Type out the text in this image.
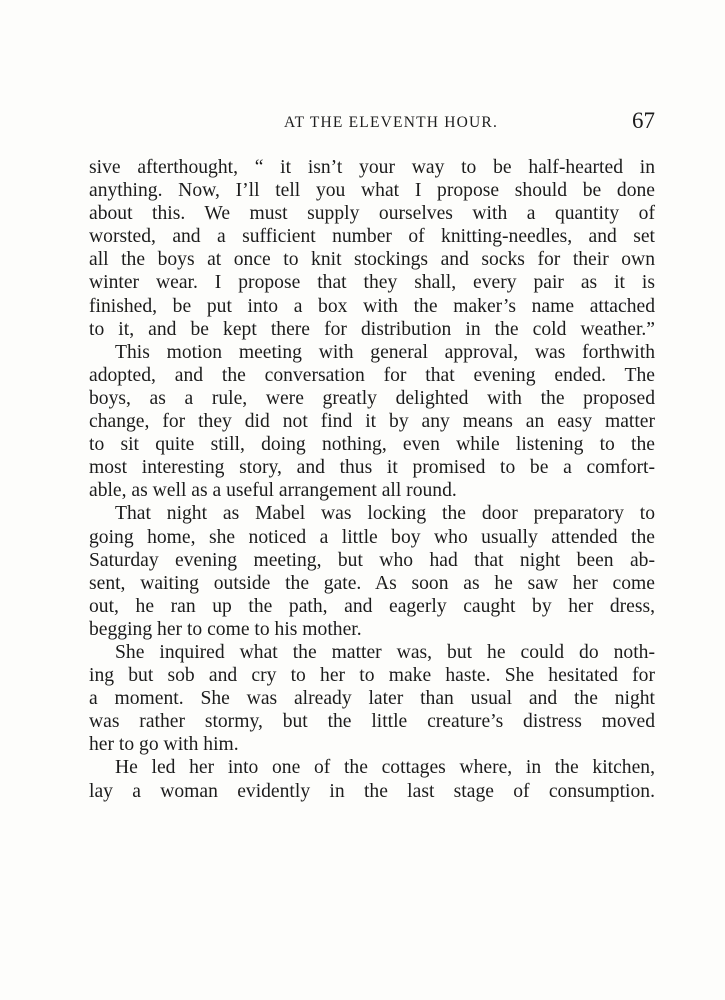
AT THE ELEVENTH HOUR.	67

sive afterthought, “ it isn’t your way to be half-hearted in

anything. Now, I’ll tell you what I propose should be done

about this. We must supply ourselves with a quantity of

worsted, and a sufficient number of knitting-needles, and set

all the boys at once to knit stockings and socks for their own

winter wear. I propose that they shall, every pair as it is

finished, be put into a box with the maker’s name attached

to it, and be kept there for distribution in the cold weather.”

This motion meeting with general approval, was forthwith

adopted, and the conversation for that evening ended. The

boys, as a rule, were greatly delighted with the proposed

change, for they did not find it by any means an easy matter

to sit quite still, doing nothing, even while listening to the

most interesting story, and thus it promised to be a comfort-

able, as well as a useful arrangement all round.

That night as Mabel was locking the door preparatory to

going home, she noticed a little boy who usually attended the

Saturday evening meeting, but who had that night been ab-

sent, waiting outside the gate. As soon as he saw her come

out, he ran up the path, and eagerly caught by her dress,

begging her to come to his mother.

She inquired what the matter was, but he could do noth-

ing but sob and cry to her to make haste. She hesitated for

a moment. She was already later than usual and the night

was rather stormy, but the little creature’s distress moved

her to go with him.

He led her into one of the cottages where, in the kitchen,

lay a woman evidently in the last stage of consumption.
